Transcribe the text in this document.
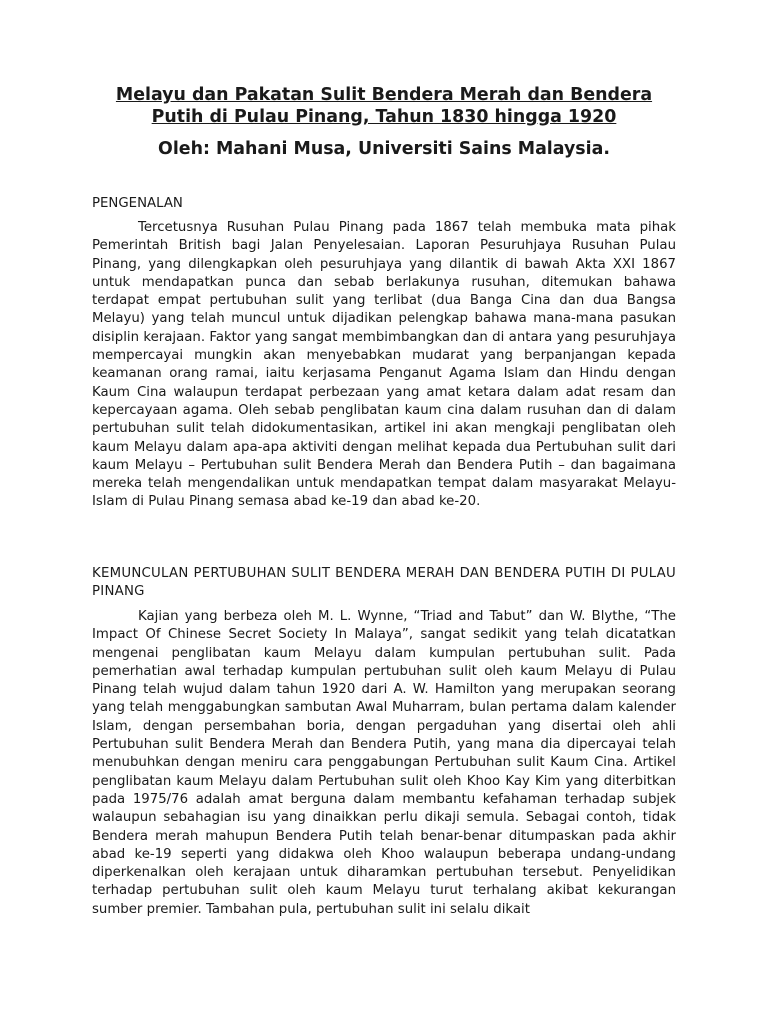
Melayu dan Pakatan Sulit Bendera Merah dan Bendera Putih di Pulau Pinang, Tahun 1830 hingga 1920

Oleh: Mahani Musa, Universiti Sains Malaysia.

PENGENALAN

Tercetusnya Rusuhan Pulau Pinang pada 1867 telah membuka mata pihak Pemerintah British bagi Jalan Penyelesaian. Laporan Pesuruhjaya Rusuhan Pulau Pinang, yang dilengkapkan oleh pesuruhjaya yang dilantik di bawah Akta XXI 1867 untuk mendapatkan punca dan sebab berlakunya rusuhan, ditemukan bahawa terdapat empat pertubuhan sulit yang terlibat (dua Banga Cina dan dua Bangsa Melayu) yang telah muncul untuk dijadikan pelengkap bahawa mana-mana pasukan disiplin kerajaan. Faktor yang sangat membimbangkan dan di antara yang pesuruhjaya mempercayai mungkin akan menyebabkan mudarat yang berpanjangan kepada keamanan orang ramai, iaitu kerjasama Penganut Agama Islam dan Hindu dengan Kaum Cina walaupun terdapat perbezaan yang amat ketara dalam adat resam dan kepercayaan agama. Oleh sebab penglibatan kaum cina dalam rusuhan dan di dalam pertubuhan sulit telah didokumentasikan, artikel ini akan mengkaji penglibatan oleh kaum Melayu dalam apa-apa aktiviti dengan melihat kepada dua Pertubuhan sulit dari kaum Melayu – Pertubuhan sulit Bendera Merah dan Bendera Putih – dan bagaimana mereka telah mengendalikan untuk mendapatkan tempat dalam masyarakat Melayu-Islam di Pulau Pinang semasa abad ke-19 dan abad ke-20.

KEMUNCULAN PERTUBUHAN SULIT BENDERA MERAH DAN BENDERA PUTIH DI PULAU PINANG

Kajian yang berbeza oleh M. L. Wynne, “Triad and Tabut” dan W. Blythe, “The Impact Of Chinese Secret Society In Malaya”, sangat sedikit yang telah dicatatkan mengenai penglibatan kaum Melayu dalam kumpulan pertubuhan sulit. Pada pemerhatian awal terhadap kumpulan pertubuhan sulit oleh kaum Melayu di Pulau Pinang telah wujud dalam tahun 1920 dari A. W. Hamilton yang merupakan seorang yang telah menggabungkan sambutan Awal Muharram, bulan pertama dalam kalender Islam, dengan persembahan boria, dengan pergaduhan yang disertai oleh ahli Pertubuhan sulit Bendera Merah dan Bendera Putih, yang mana dia dipercayai telah menubuhkan dengan meniru cara penggabungan Pertubuhan sulit Kaum Cina. Artikel penglibatan kaum Melayu dalam Pertubuhan sulit oleh Khoo Kay Kim yang diterbitkan pada 1975/76 adalah amat berguna dalam membantu kefahaman terhadap subjek walaupun sebahagian isu yang dinaikkan perlu dikaji semula. Sebagai contoh, tidak Bendera merah mahupun Bendera Putih telah benar-benar ditumpaskan pada akhir abad ke-19 seperti yang didakwa oleh Khoo walaupun beberapa undang-undang diperkenalkan oleh kerajaan untuk diharamkan pertubuhan tersebut. Penyelidikan terhadap pertubuhan sulit oleh kaum Melayu turut terhalang akibat kekurangan sumber premier. Tambahan pula, pertubuhan sulit ini selalu dikait
